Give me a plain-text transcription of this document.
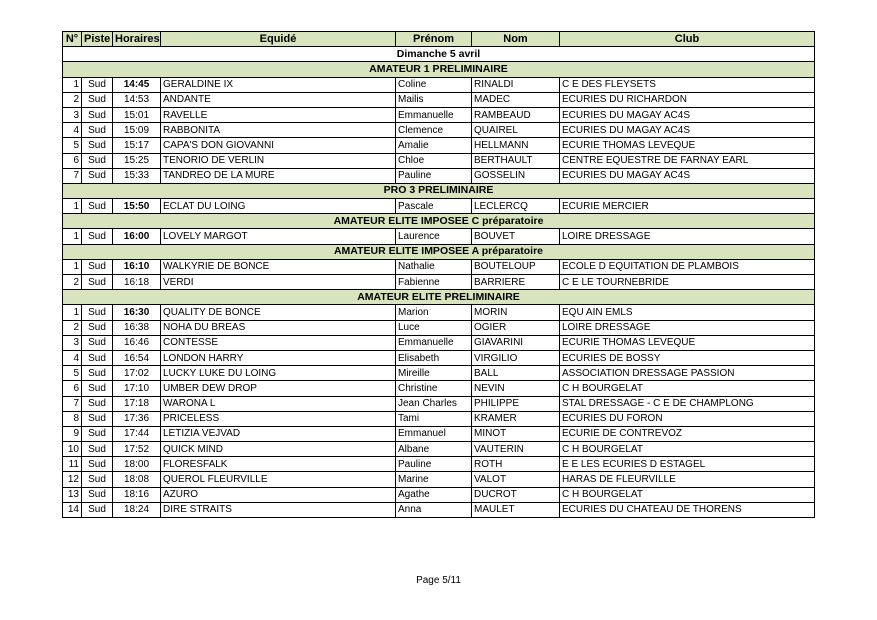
N°	Piste	Horaires	Equidé	Prénom	Nom	Club
Dimanche 5 avril						
AMATEUR 1 PRELIMINAIRE						
1	Sud	14:45	GERALDINE IX	Coline	RINALDI	C E DES FLEYSETS
2	Sud	14:53	ANDANTE	Mailis	MADEC	ECURIES DU RICHARDON
3	Sud	15:01	RAVELLE	Emmanuelle	RAMBEAUD	ECURIES DU MAGAY AC4S
4	Sud	15:09	RABBONITA	Clemence	QUAIREL	ECURIES DU MAGAY AC4S
5	Sud	15:17	CAPA'S DON GIOVANNI	Amalie	HELLMANN	ECURIE THOMAS LEVEQUE
6	Sud	15:25	TENORIO DE VERLIN	Chloe	BERTHAULT	CENTRE EQUESTRE DE FARNAY EARL
7	Sud	15:33	TANDREO DE LA MURE	Pauline	GOSSELIN	ECURIES DU MAGAY AC4S
PRO 3 PRELIMINAIRE						
1	Sud	15:50	ECLAT DU LOING	Pascale	LECLERCQ	ECURIE MERCIER
AMATEUR ELITE IMPOSEE C préparatoire						
1	Sud	16:00	LOVELY MARGOT	Laurence	BOUVET	LOIRE DRESSAGE
AMATEUR ELITE IMPOSEE A préparatoire						
1	Sud	16:10	WALKYRIE DE BONCE	Nathalie	BOUTELOUP	ECOLE D EQUITATION DE PLAMBOIS
2	Sud	16:18	VERDI	Fabienne	BARRIERE	C E LE TOURNEBRIDE
AMATEUR ELITE PRELIMINAIRE						
1	Sud	16:30	QUALITY DE BONCE	Marion	MORIN	EQU AIN EMLS
2	Sud	16:38	NOHA DU BREAS	Luce	OGIER	LOIRE DRESSAGE
3	Sud	16:46	CONTESSE	Emmanuelle	GIAVARINI	ECURIE THOMAS LEVEQUE
4	Sud	16:54	LONDON HARRY	Elisabeth	VIRGILIO	ECURIES DE BOSSY
5	Sud	17:02	LUCKY LUKE DU LOING	Mireille	BALL	ASSOCIATION DRESSAGE PASSION
6	Sud	17:10	UMBER DEW DROP	Christine	NEVIN	C H BOURGELAT
7	Sud	17:18	WARONA L	Jean Charles	PHILIPPE	STAL DRESSAGE - C E DE CHAMPLONG
8	Sud	17:36	PRICELESS	Tami	KRAMER	ECURIES DU FORON
9	Sud	17:44	LETIZIA VEJVAD	Emmanuel	MINOT	ECURIE DE CONTREVOZ
10	Sud	17:52	QUICK MIND	Albane	VAUTERIN	C H BOURGELAT
11	Sud	18:00	FLORESFALK	Pauline	ROTH	E E LES ECURIES D ESTAGEL
12	Sud	18:08	QUEROL FLEURVILLE	Marine	VALOT	HARAS DE FLEURVILLE
13	Sud	18:16	AZURO	Agathe	DUCROT	C H BOURGELAT
14	Sud	18:24	DIRE STRAITS	Anna	MAULET	ECURIES DU CHATEAU DE THORENS
Page 5/11
